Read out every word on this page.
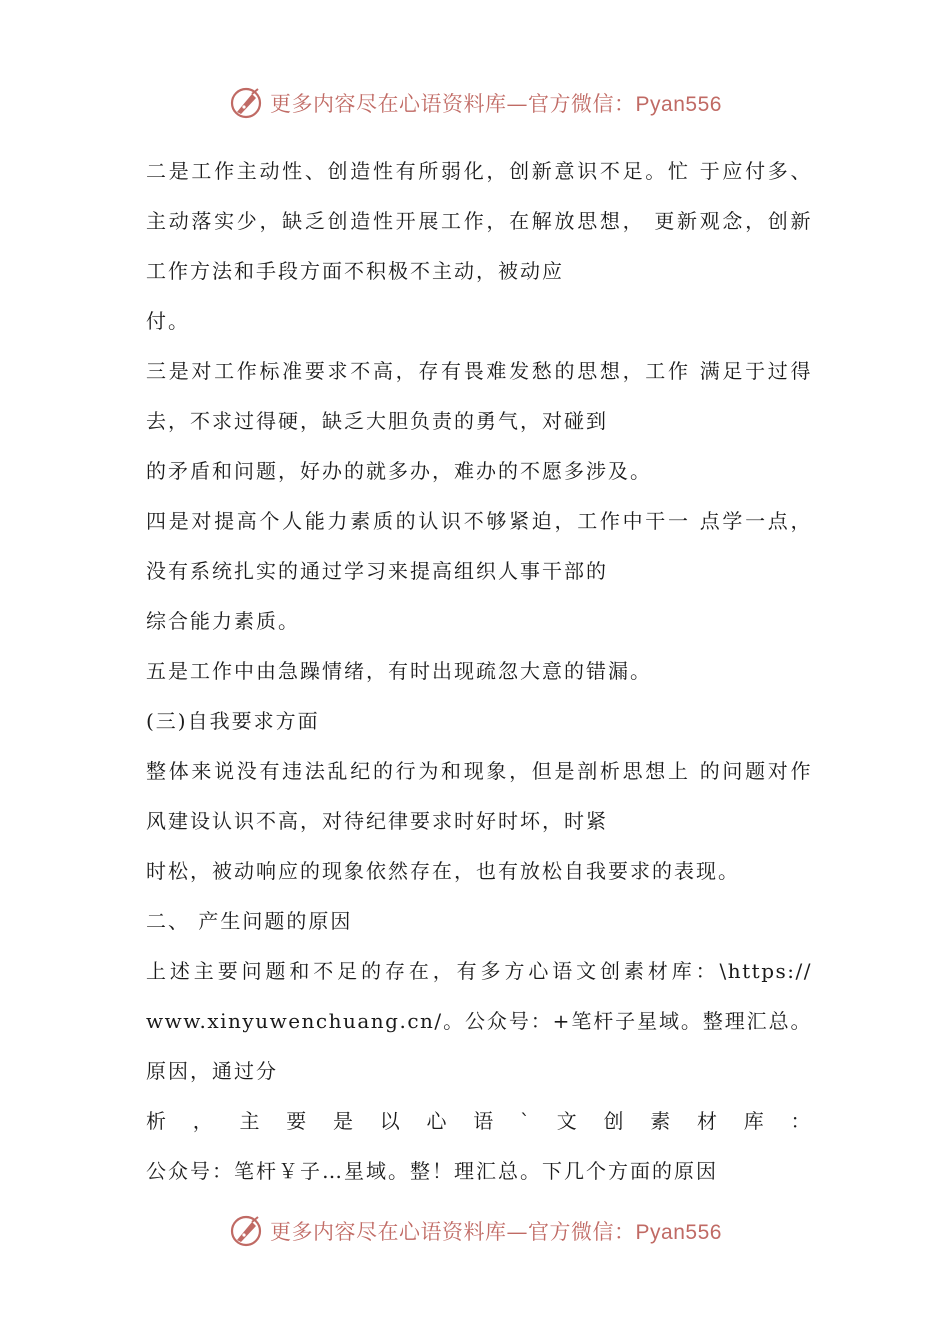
更多内容尽在心语资料库—官方微信：Pyan556
二是工作主动性、创造性有所弱化，创新意识不足。忙 于应付多、
主动落实少，缺乏创造性开展工作，在解放思想， 更新观念，创新
工作方法和手段方面不积极不主动，被动应
付。
三是对工作标准要求不高，存有畏难发愁的思想，工作 满足于过得
去，不求过得硬，缺乏大胆负责的勇气，对碰到
的矛盾和问题，好办的就多办，难办的不愿多涉及。
四是对提高个人能力素质的认识不够紧迫，工作中干一 点学一点，
没有系统扎实的通过学习来提高组织人事干部的
综合能力素质。
五是工作中由急躁情绪，有时出现疏忽大意的错漏。
(三)自我要求方面
整体来说没有违法乱纪的行为和现象，但是剖析思想上 的问题对作
风建设认识不高，对待纪律要求时好时坏，时紧
时松，被动响应的现象依然存在，也有放松自我要求的表现。
二、 产生问题的原因
上述主要问题和不足的存在，有多方心语文创素材库：\https://
www.xinyuwenchuang.cn/。公众号：+笔杆子星域。整理汇总。
原因，通过分
析，主要是以心语`文创素材库：
公众号：笔杆￥子…星域。整！理汇总。下几个方面的原因
更多内容尽在心语资料库—官方微信：Pyan556
